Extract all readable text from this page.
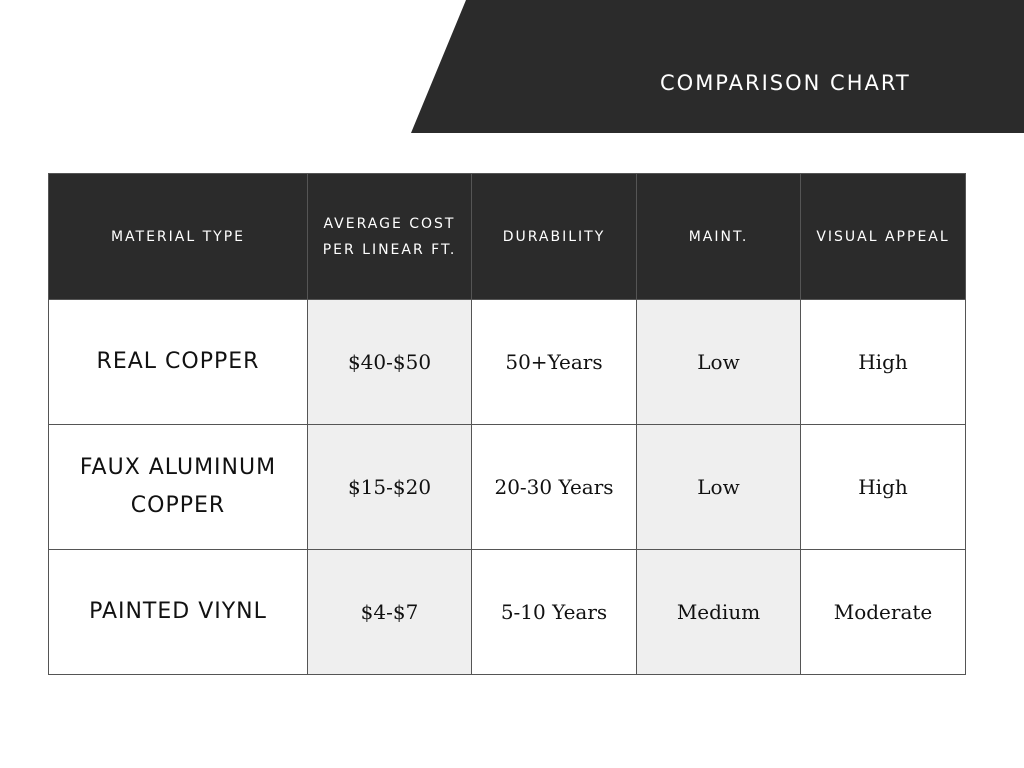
COMPARISON CHART
MATERIAL TYPE	AVERAGE COST PER LINEAR FT.	DURABILITY	MAINT.	VISUAL APPEAL
REAL COPPER	$40-$50	50+Years	Low	High
FAUX ALUMINUM COPPER	$15-$20	20-30 Years	Low	High
PAINTED VIYNL	$4-$7	5-10 Years	Medium	Moderate
